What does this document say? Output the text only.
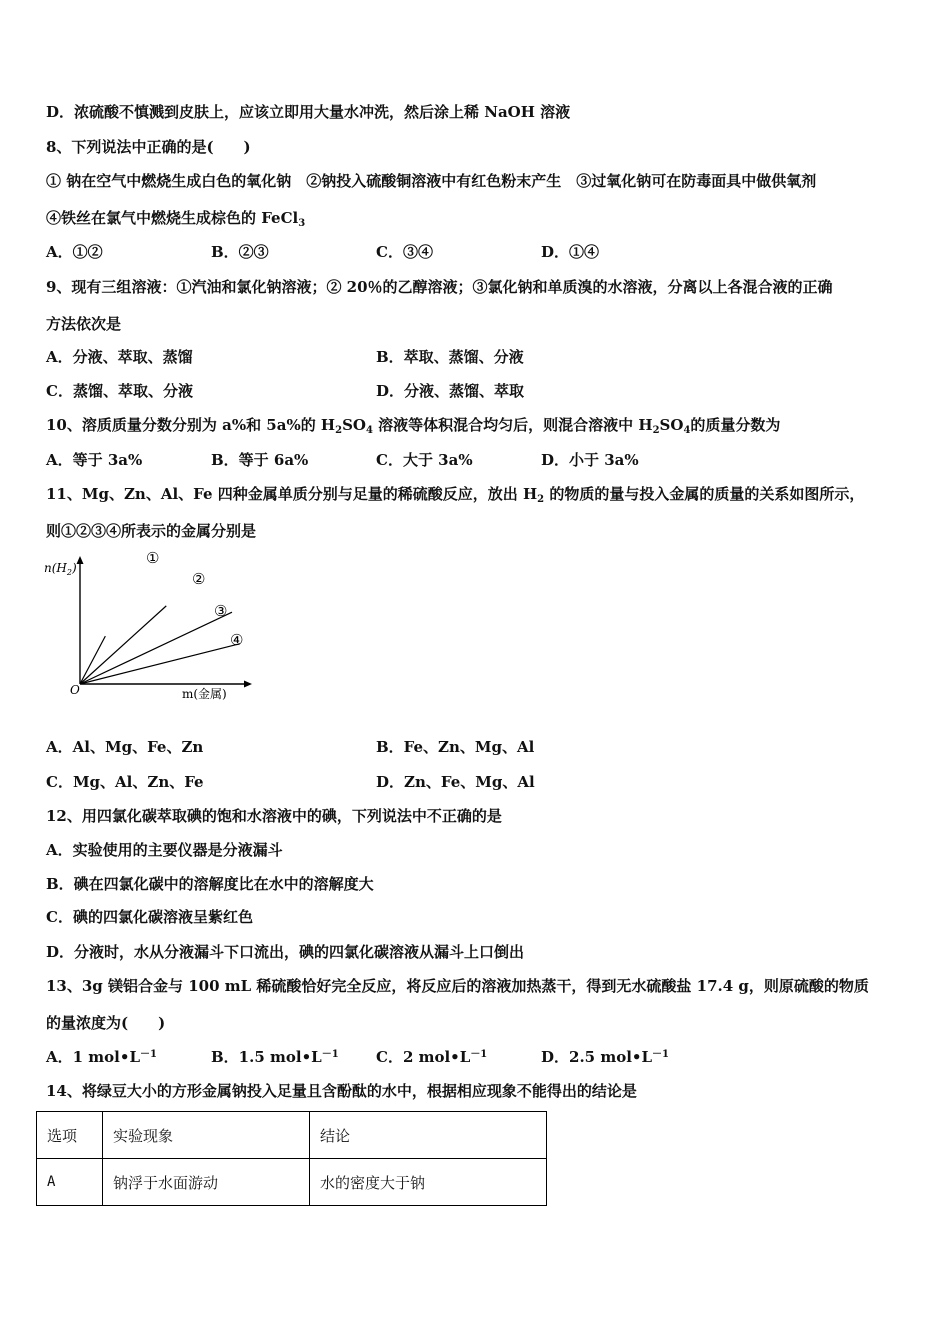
D．浓硫酸不慎溅到皮肤上，应该立即用大量水冲洗，然后涂上稀 NaOH 溶液
8、下列说法中正确的是(　　)
① 钠在空气中燃烧生成白色的氧化钠　②钠投入硫酸铜溶液中有红色粉末产生　③过氧化钠可在防毒面具中做供氧剂
④铁丝在氯气中燃烧生成棕色的 FeCl$_3$
A．①②	B．②③	C．③④	D．①④
9、现有三组溶液：①汽油和氯化钠溶液；② 20％的乙醇溶液；③氯化钠和单质溴的水溶液，分离以上各混合液的正确
方法依次是
A．分液、萃取、蒸馏	B．萃取、蒸馏、分液
C．蒸馏、萃取、分液	D．分液、蒸馏、萃取
10、溶质质量分数分别为 a%和 5a%的 $H_2SO_4$ 溶液等体积混合均匀后，则混合溶液中 $H_2SO_4$的质量分数为
A．等于 3a%	B．等于 6a%	C．大于 3a%	D．小于 3a%
11、Mg、Zn、Al、Fe 四种金属单质分别与足量的稀硫酸反应，放出 $H_2$ 的物质的量与投入金属的质量的关系如图所示，
则①②③④所表示的金属分别是
$n(H_2)$
m(金属)
O
①
②
③
④
A．Al、Mg、Fe、Zn	B．Fe、Zn、Mg、Al
C．Mg、Al、Zn、Fe	D．Zn、Fe、Mg、Al
12、用四氯化碳萃取碘的饱和水溶液中的碘，下列说法中不正确的是
A．实验使用的主要仪器是分液漏斗
B．碘在四氯化碳中的溶解度比在水中的溶解度大
C．碘的四氯化碳溶液呈紫红色
D．分液时，水从分液漏斗下口流出，碘的四氯化碳溶液从漏斗上口倒出
13、3g 镁铝合金与 100 mL 稀硫酸恰好完全反应，将反应后的溶液加热蒸干，得到无水硫酸盐 17.4 g，则原硫酸的物质
的量浓度为(　　)
A．1 $mol•L^{-1}$	B．1.5 $mol•L^{-1}$ C．2 $mol•L^{-1}$	D．2.5 $mol•L^{-1}$
14、将绿豆大小的方形金属钠投入足量且含酚酞的水中，根据相应现象不能得出的结论是
选项	实验现象	结论
A	钠浮于水面游动	水的密度大于钠
